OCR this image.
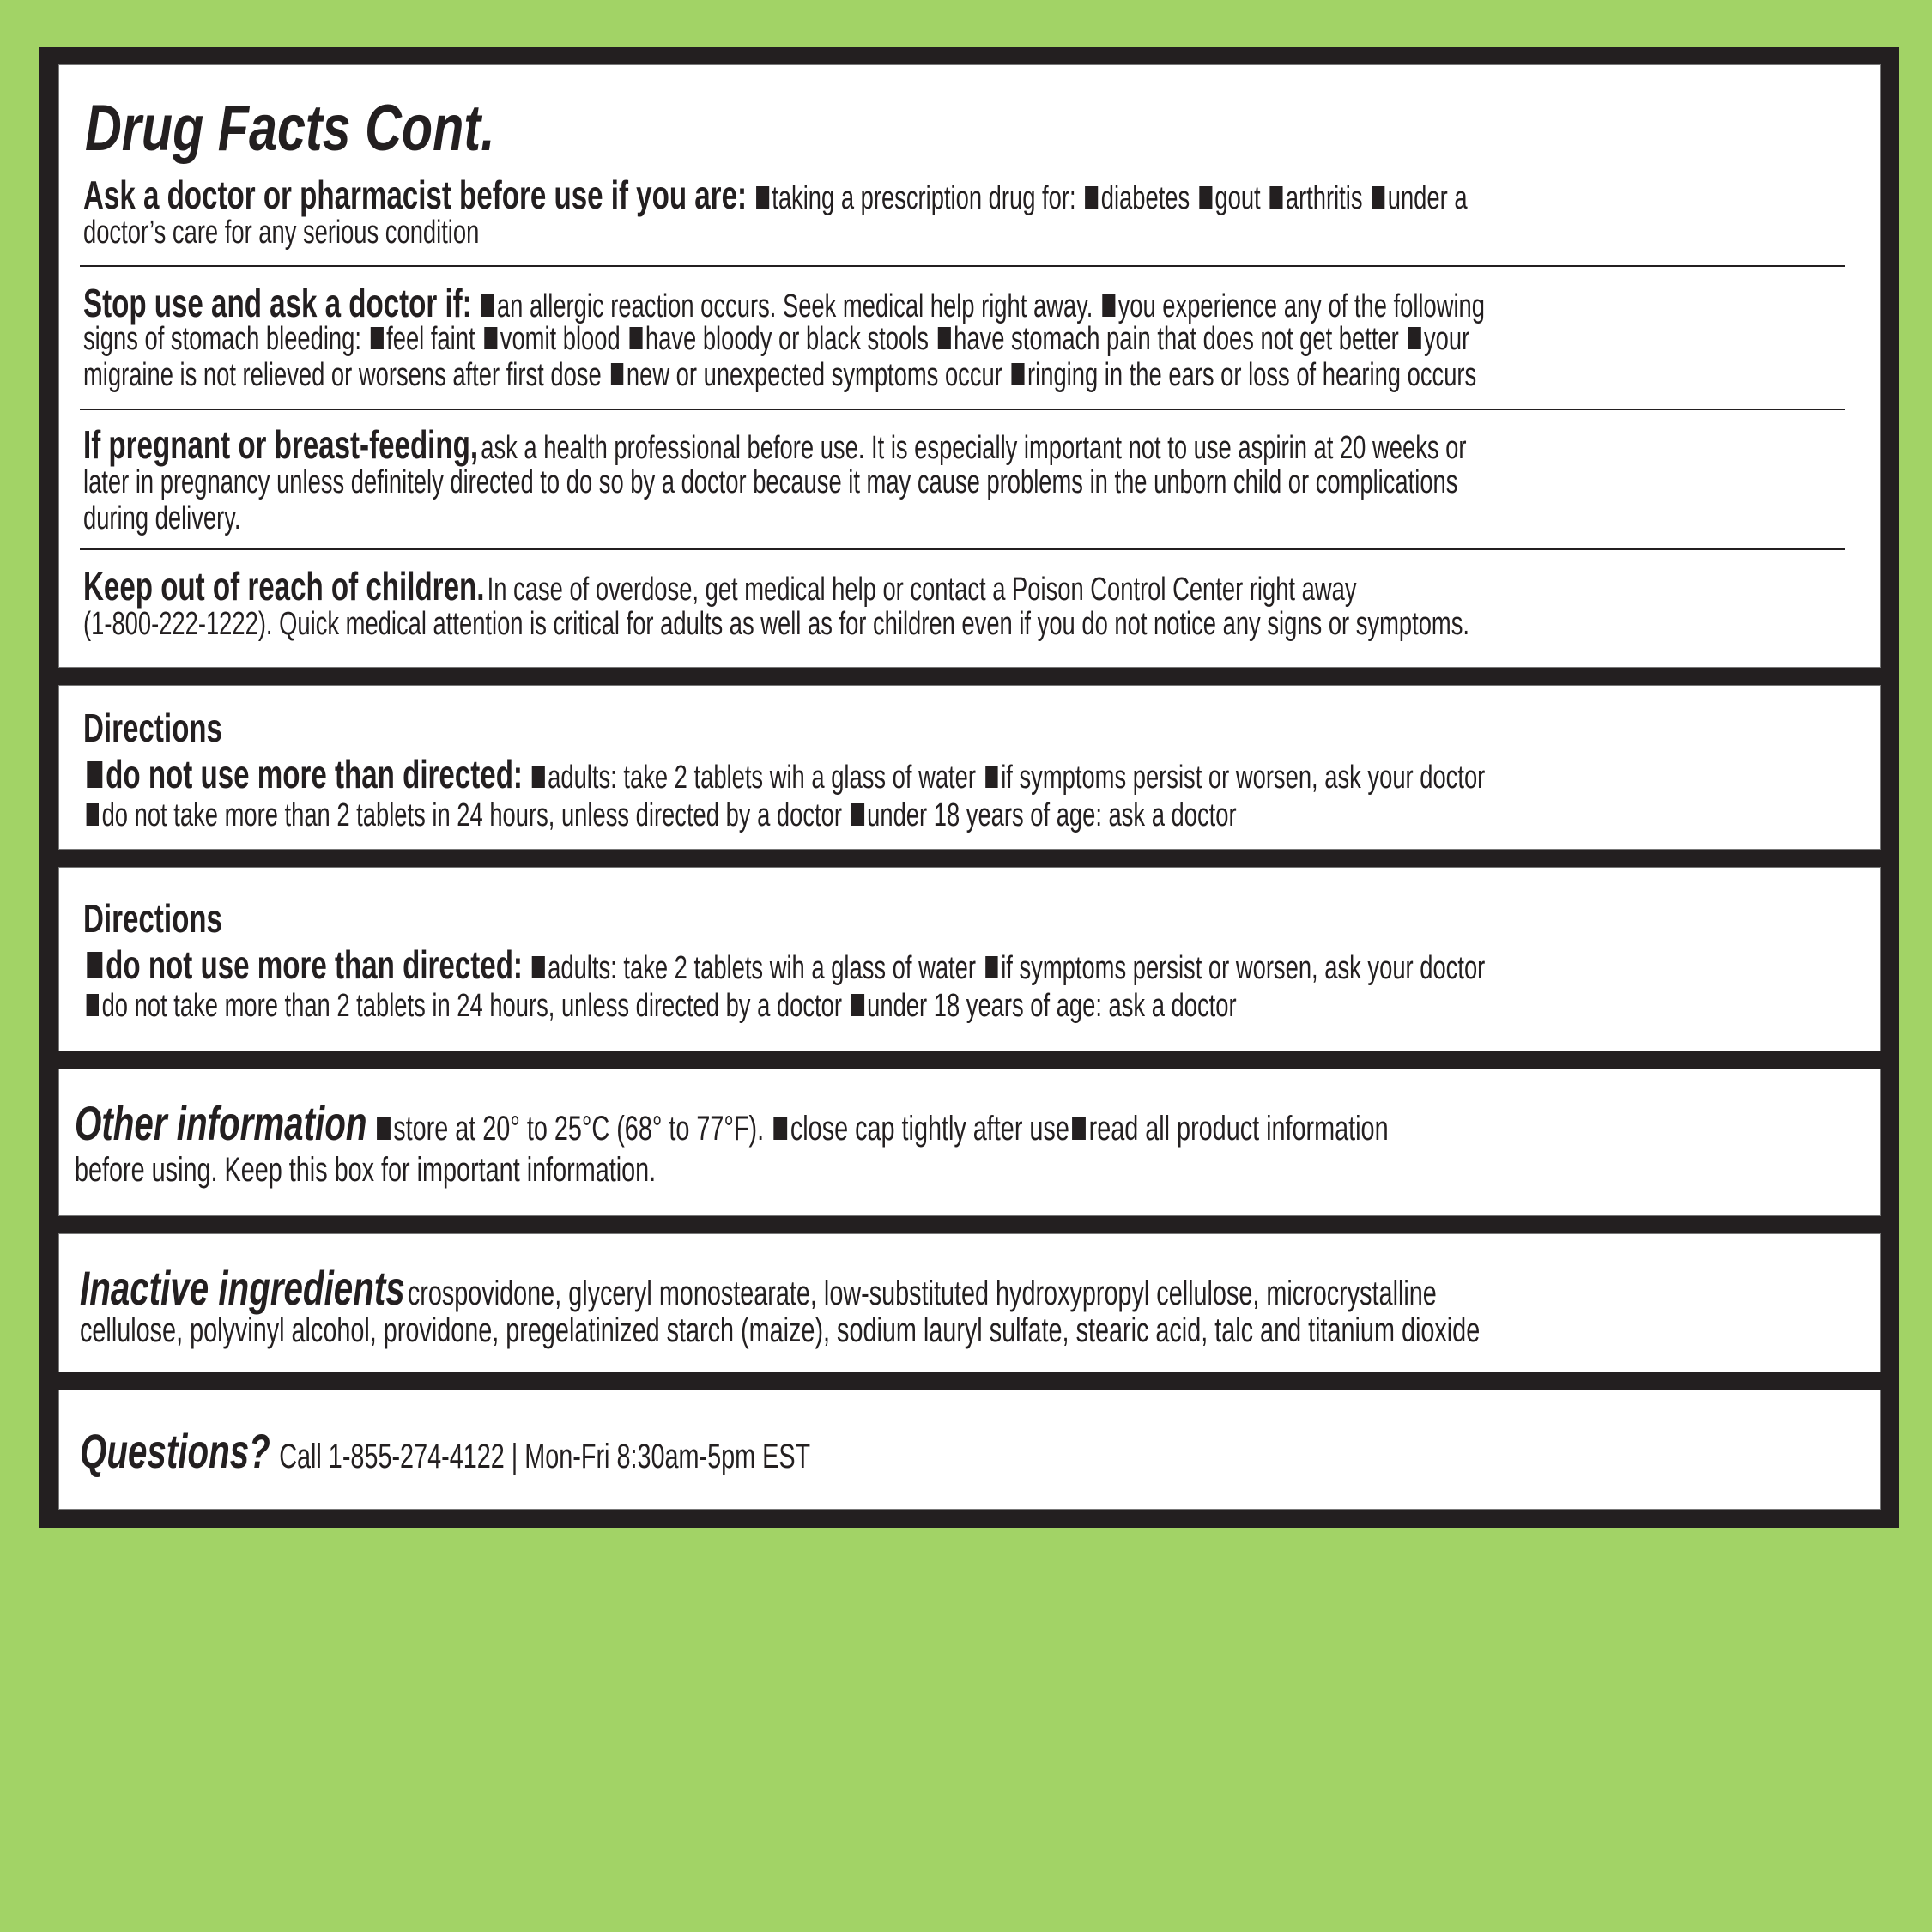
Drug Facts Cont.
Ask a doctor or pharmacist before use if you are: taking a prescription drug for: diabetes gout arthritis under a
doctor’s care for any serious condition
Stop use and ask a doctor if: an allergic reaction occurs. Seek medical help right away. you experience any of the following
signs of stomach bleeding: feel faint vomit blood have bloody or black stools have stomach pain that does not get better your
migraine is not relieved or worsens after first dose new or unexpected symptoms occur ringing in the ears or loss of hearing occurs
If pregnant or breast-feeding, ask a health professional before use. It is especially important not to use aspirin at 20 weeks or
later in pregnancy unless definitely directed to do so by a doctor because it may cause problems in the unborn child or complications
during delivery.
Keep out of reach of children. In case of overdose, get medical help or contact a Poison Control Center right away
(1-800-222-1222). Quick medical attention is critical for adults as well as for children even if you do not notice any signs or symptoms.
Directions
do not use more than directed: adults: take 2 tablets wih a glass of water if symptoms persist or worsen, ask your doctor
do not take more than 2 tablets in 24 hours, unless directed by a doctor under 18 years of age: ask a doctor
Directions
do not use more than directed: adults: take 2 tablets wih a glass of water if symptoms persist or worsen, ask your doctor
do not take more than 2 tablets in 24 hours, unless directed by a doctor under 18 years of age: ask a doctor
Other information store at 20° to 25°C (68° to 77°F). close cap tightly after use read all product information
before using. Keep this box for important information.
Inactive ingredients crospovidone, glyceryl monostearate, low-substituted hydroxypropyl cellulose, microcrystalline
cellulose, polyvinyl alcohol, providone, pregelatinized starch (maize), sodium lauryl sulfate, stearic acid, talc and titanium dioxide
Questions? Call 1-855-274-4122 | Mon-Fri 8:30am-5pm EST
